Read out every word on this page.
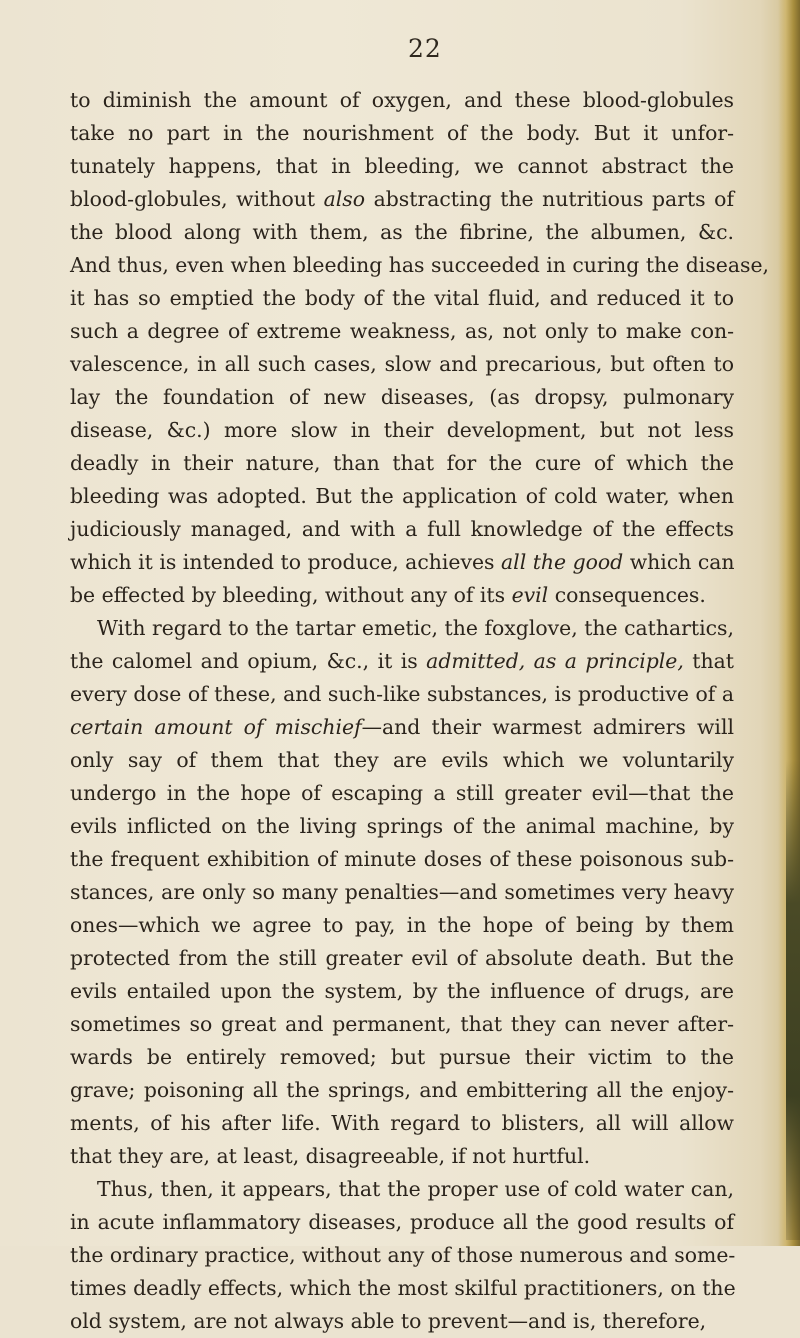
22
to diminish the amount of oxygen, and these blood-globules
take no part in the nourishment of the body. But it unfor-
tunately happens, that in bleeding, we cannot abstract the
blood-globules, without also abstracting the nutritious parts of
the blood along with them, as the fibrine, the albumen, &c.
And thus, even when bleeding has succeeded in curing the disease,
it has so emptied the body of the vital fluid, and reduced it to
such a degree of extreme weakness, as, not only to make con-
valescence, in all such cases, slow and precarious, but often to
lay the foundation of new diseases, (as dropsy, pulmonary
disease, &c.) more slow in their development, but not less
deadly in their nature, than that for the cure of which the
bleeding was adopted. But the application of cold water, when
judiciously managed, and with a full knowledge of the effects
which it is intended to produce, achieves all the good which can
be effected by bleeding, without any of its evil consequences.
With regard to the tartar emetic, the foxglove, the cathartics,
the calomel and opium, &c., it is admitted, as a principle, that
every dose of these, and such-like substances, is productive of a
certain amount of mischief—and their warmest admirers will
only say of them that they are evils which we voluntarily
undergo in the hope of escaping a still greater evil—that the
evils inflicted on the living springs of the animal machine, by
the frequent exhibition of minute doses of these poisonous sub-
stances, are only so many penalties—and sometimes very heavy
ones—which we agree to pay, in the hope of being by them
protected from the still greater evil of absolute death. But the
evils entailed upon the system, by the influence of drugs, are
sometimes so great and permanent, that they can never after-
wards be entirely removed; but pursue their victim to the
grave; poisoning all the springs, and embittering all the enjoy-
ments, of his after life. With regard to blisters, all will allow
that they are, at least, disagreeable, if not hurtful.
Thus, then, it appears, that the proper use of cold water can,
in acute inflammatory diseases, produce all the good results of
the ordinary practice, without any of those numerous and some-
times deadly effects, which the most skilful practitioners, on the
old system, are not always able to prevent—and is, therefore,
